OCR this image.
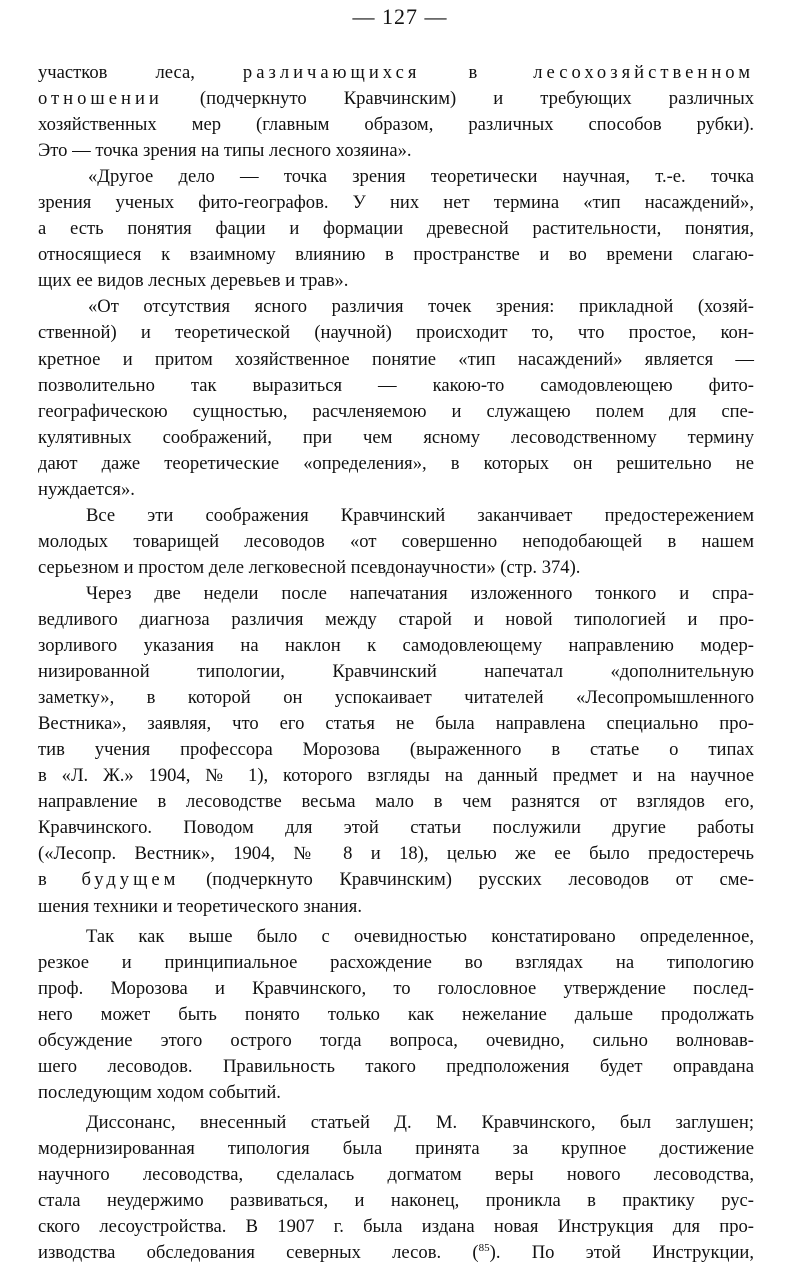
— 127 —

участков леса, различающихся	в лесохозяйственном
отношении (подчеркнуто Кравчинским) и требующих различных
хозяйственных мер (главным образом, различных способов рубки).
Это — точка зрения на типы лесного хозяина».

«Другое дело — точка зрения теоретически научная, т.-е. точка
зрения ученых фито-географов. У них нет термина «тип насаждений»,
а есть понятия фации и формации древесной растительности, понятия,
относящиеся к взаимному влиянию в пространстве и во времени слагаю-
щих ее видов лесных деревьев и трав».

«От отсутствия ясного различия точек зрения: прикладной (хозяй-
ственной) и теоретической (научной) происходит то, что простое, кон-
кретное и притом хозяйственное понятие «тип насаждений» является —
позволительно так выразиться — какою-то самодовлеющею фито-
географическою сущностью, расчленяемою и служащею полем для спе-
кулятивных соображений, при чем ясному лесоводственному термину
дают даже теоретические «определения», в которых он решительно не
нуждается».

Все эти соображения Кравчинский заканчивает предостережением
молодых товарищей лесоводов «от совершенно неподобающей в нашем
серьезном и простом деле легковесной псевдонаучности» (стр. 374).

Через две недели после напечатания изложенного тонкого и спра-
ведливого диагноза различия между старой и новой типологией и про-
зорливого указания на наклон к самодовлеющему направлению модер-
низированной типологии, Кравчинский напечатал «дополнительную
заметку», в которой он успокаивает читателей «Лесопромышленного
Вестника», заявляя, что его статья не была направлена специально про-
тив учения профессора Морозова (выраженного в статье о типах
в «Л. Ж.» 1904, № 1), которого взгляды на данный предмет и на научное
направление в лесоводстве весьма мало в чем разнятся от взглядов его,
Кравчинского. Поводом для этой статьи послужили другие работы
(«Лесопр. Вестник», 1904, № 8 и 18), целью же ее было предостеречь
в будущем (подчеркнуто Кравчинским) русских лесоводов от сме-
шения техники и теоретического знания.

Так как выше было с очевидностью констатировано определенное,
резкое и принципиальное расхождение во взглядах на типологию
проф. Морозова и Кравчинского, то голословное утверждение послед-
него может быть понято только как нежелание дальше продолжать
обсуждение этого острого тогда вопроса, очевидно, сильно волновав-
шего лесоводов. Правильность такого предположения будет оправдана
последующим ходом событий.

Диссонанс, внесенный статьей Д. М. Кравчинского, был заглушен;
модернизированная типология была принята за крупное достижение
научного лесоводства, сделалась догматом веры нового лесоводства,
стала неудержимо развиваться, и наконец, проникла в практику рус-
ского лесоустройства. В 1907 г. была издана новая Инструкция для про-
изводства обследования северных лесов. ($^{85}$). По этой Инструкции,
